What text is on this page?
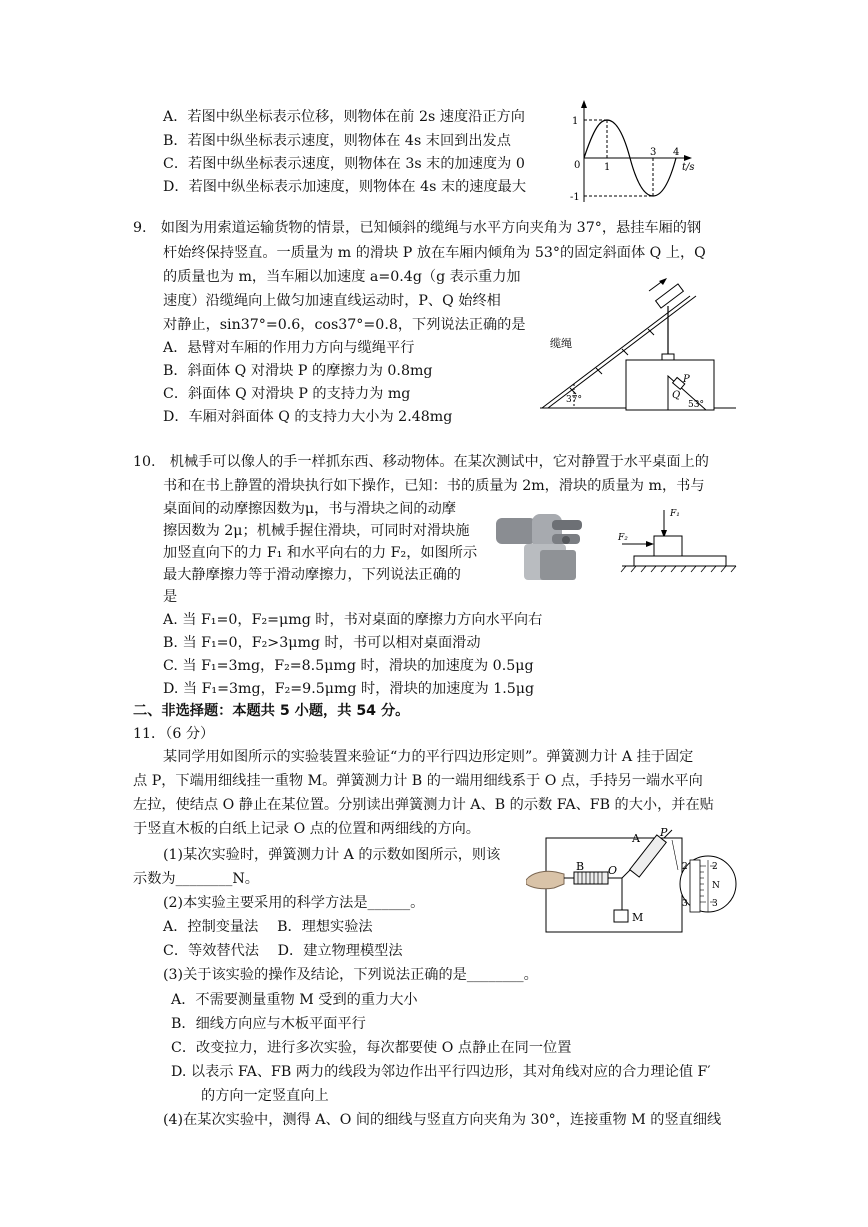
A．若图中纵坐标表示位移，则物体在前 2s 速度沿正方向
B．若图中纵坐标表示速度，则物体在 4s 末回到出发点
C．若图中纵坐标表示速度，则物体在 3s 末的加速度为 0
D．若图中纵坐标表示加速度，则物体在 4s 末的速度最大
1
-1
0 1
3 4
t/s
9.　如图为用索道运输货物的情景，已知倾斜的缆绳与水平方向夹角为 37°，悬挂车厢的钢
杆始终保持竖直。一质量为 m 的滑块 P 放在车厢内倾角为 53°的固定斜面体 Q 上，Q
的质量也为 m，当车厢以加速度 a=0.4g（g 表示重力加
速度）沿缆绳向上做匀加速直线运动时，P、Q 始终相
对静止，sin37°=0.6，cos37°=0.8，下列说法正确的是
A．悬臂对车厢的作用力方向与缆绳平行
B．斜面体 Q 对滑块 P 的摩擦力为 0.8mg
C．斜面体 Q 对滑块 P 的支持力为 mg
D．车厢对斜面体 Q 的支持力大小为 2.48mg
缆绳
37°
P
Q
53°
10.　机械手可以像人的手一样抓东西、移动物体。在某次测试中，它对静置于水平桌面上的
书和在书上静置的滑块执行如下操作，已知：书的质量为 2m，滑块的质量为 m，书与
桌面间的动摩擦因数为μ，书与滑块之间的动摩
擦因数为 2μ；机械手握住滑块，可同时对滑块施
加竖直向下的力 F₁ 和水平向右的力 F₂，如图所示
最大静摩擦力等于滑动摩擦力，下列说法正确的
是
A. 当 F₁=0，F₂=μmg 时，书对桌面的摩擦力方向水平向右
B. 当 F₁=0，F₂>3μmg 时，书可以相对桌面滑动
C. 当 F₁=3mg，F₂=8.5μmg 时，滑块的加速度为 0.5μg
D. 当 F₁=3mg，F₂=9.5μmg 时，滑块的加速度为 1.5μg
F₁
F₂
二、非选择题：本题共 5 小题，共 54 分。
11．（6 分）
某同学用如图所示的实验装置来验证“力的平行四边形定则”。弹簧测力计 A 挂于固定
点 P，下端用细线挂一重物 M。弹簧测力计 B 的一端用细线系于 O 点，手持另一端水平向
左拉，使结点 O 静止在某位置。分别读出弹簧测力计 A、B 的示数 FA、FB 的大小，并在贴
于竖直木板的白纸上记录 O 点的位置和两细线的方向。
(1)某次实验时，弹簧测力计 A 的示数如图所示，则该
示数为________N。
(2)本实验主要采用的科学方法是______。
A．控制变量法　 B．理想实验法
C．等效替代法　 D．建立物理模型法
(3)关于该实验的操作及结论，下列说法正确的是________。
A．不需要测量重物 M 受到的重力大小
B．细线方向应与木板平面平行
C．改变拉力，进行多次实验，每次都要使 O 点静止在同一位置
D. 以表示 FA、FB 两力的线段为邻边作出平行四边形，其对角线对应的合力理论值 F′
的方向一定竖直向上
(4)在某次实验中，测得 A、O 间的细线与竖直方向夹角为 30°，连接重物 M 的竖直细线
A P
B O
M
2	2
N
3	3
